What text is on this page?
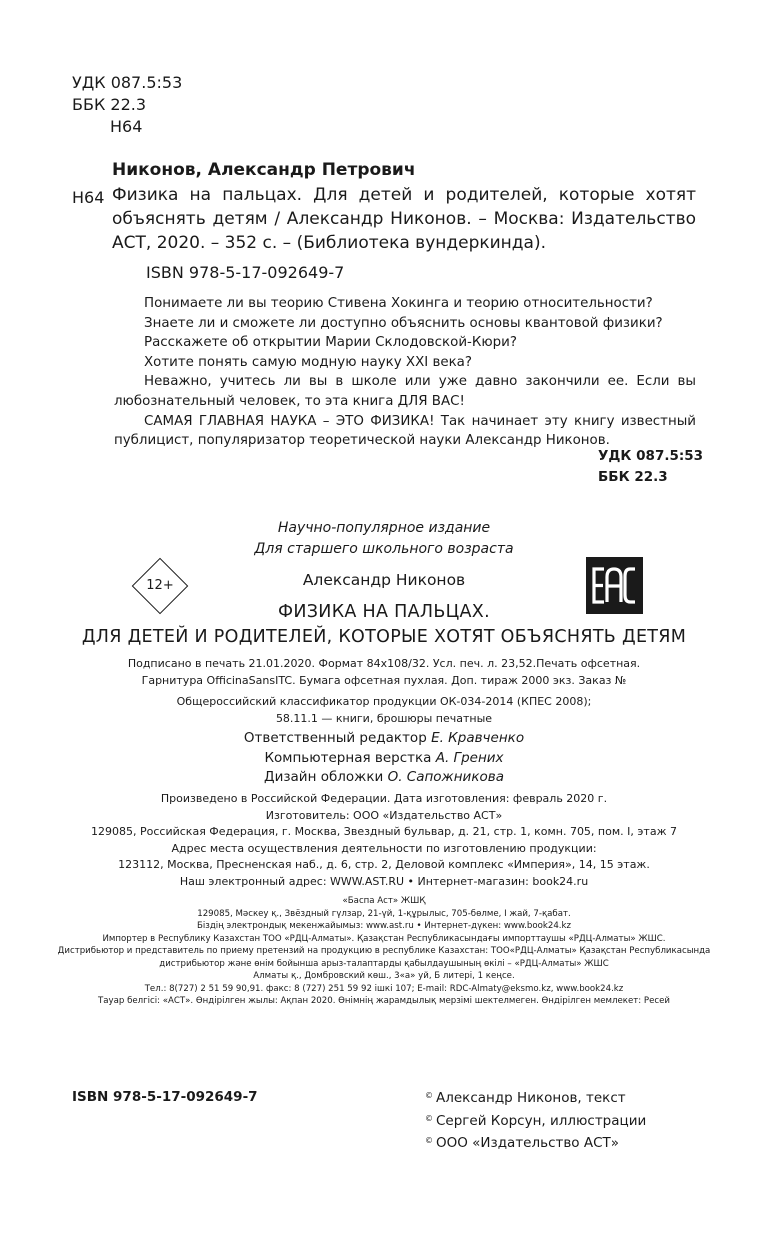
УДК 087.5:53
ББК 22.3
Н64
Никонов, Александр Петрович
Н64 Физика на пальцах. Для детей и родителей, которые хотят объяснять детям / Александр Никонов. – Москва: Издательство АСТ, 2020. – 352 с. – (Библиотека вундеркинда).
ISBN 978-5-17-092649-7

Понимаете ли вы теорию Стивена Хокинга и теорию относительности?

Знаете ли и сможете ли доступно объяснить основы квантовой физики?

Расскажете об открытии Марии Склодовской-Кюри?

Хотите понять самую модную науку XXI века?

Неважно, учитесь ли вы в школе или уже давно закончили ее. Если вы любознательный человек, то эта книга ДЛЯ ВАС!

САМАЯ ГЛАВНАЯ НАУКА – ЭТО ФИЗИКА! Так начинает эту книгу известный публицист, популяризатор теоретической науки Александр Никонов.

УДК 087.5:53
ББК 22.3
Научно-популярное издание
Для старшего школьного возраста
12+	Александр Никонов
ФИЗИКА НА ПАЛЬЦАХ.
ДЛЯ ДЕТЕЙ И РОДИТЕЛЕЙ, КОТОРЫЕ ХОТЯТ ОБЪЯСНЯТЬ ДЕТЯМ
Подписано в печать 21.01.2020. Формат 84x108/32. Усл. печ. л. 23,52.Печать офсетная.
Гарнитура OfficinaSansITC. Бумага офсетная пухлая. Доп. тираж 2000 экз. Заказ №
Общероссийский классификатор продукции ОК-034-2014 (КПЕС 2008);
58.11.1 — книги, брошюры печатные
Ответственный редактор Е. Кравченко
Компьютерная верстка А. Грених
Дизайн обложки О. Сапожникова
Произведено в Российской Федерации. Дата изготовления: февраль 2020 г.
Изготовитель: ООО «Издательство АСТ»
129085, Российская Федерация, г. Москва, Звездный бульвар, д. 21, стр. 1, комн. 705, пом. I, этаж 7
Адрес места осуществления деятельности по изготовлению продукции:
123112, Москва, Пресненская наб., д. 6, стр. 2, Деловой комплекс «Империя», 14, 15 этаж.
Наш электронный адрес: WWW.AST.RU • Интернет-магазин: book24.ru
«Баспа Аст» ЖШҚ
129085, Мәскеу қ., Звёздный гүлзар, 21-үй, 1-құрылыс, 705-бөлме, I жай, 7-қабат.
Біздің электрондық мекенжайымыз: www.ast.ru • Интернет-дүкен: www.book24.kz
Импортер в Республику Казахстан ТОО «РДЦ-Алматы». Қазақстан Республикасындағы импорттаушы «РДЦ-Алматы» ЖШС.
Дистрибьютор и представитель по приему претензий на продукцию в республике Казахстан: ТОО«РДЦ-Алматы» Қазақстан Республикасында
дистрибьютор және өнім бойынша арыз-талаптарды қабылдаушының өкілі – «РДЦ-Алматы» ЖШС
Алматы қ., Домбровский көш., 3«а» уй, Б литері, 1 кеңсе.
Тел.: 8(727) 2 51 59 90,91. факс: 8 (727) 251 59 92 ішкі 107; E-mail: RDC-Almaty@eksmo.kz, www.book24.kz
Тауар белгісі: «АСТ». Өндірілген жылы: Ақпан 2020. Өнімнің жарамдылық мерзімі шектелмеген. Өндірілген мемлекет: Ресей
ISBN 978-5-17-092649-7	© Александр Никонов, текст
© Сергей Корсун, иллюстрации
© ООО «Издательство АСТ»
